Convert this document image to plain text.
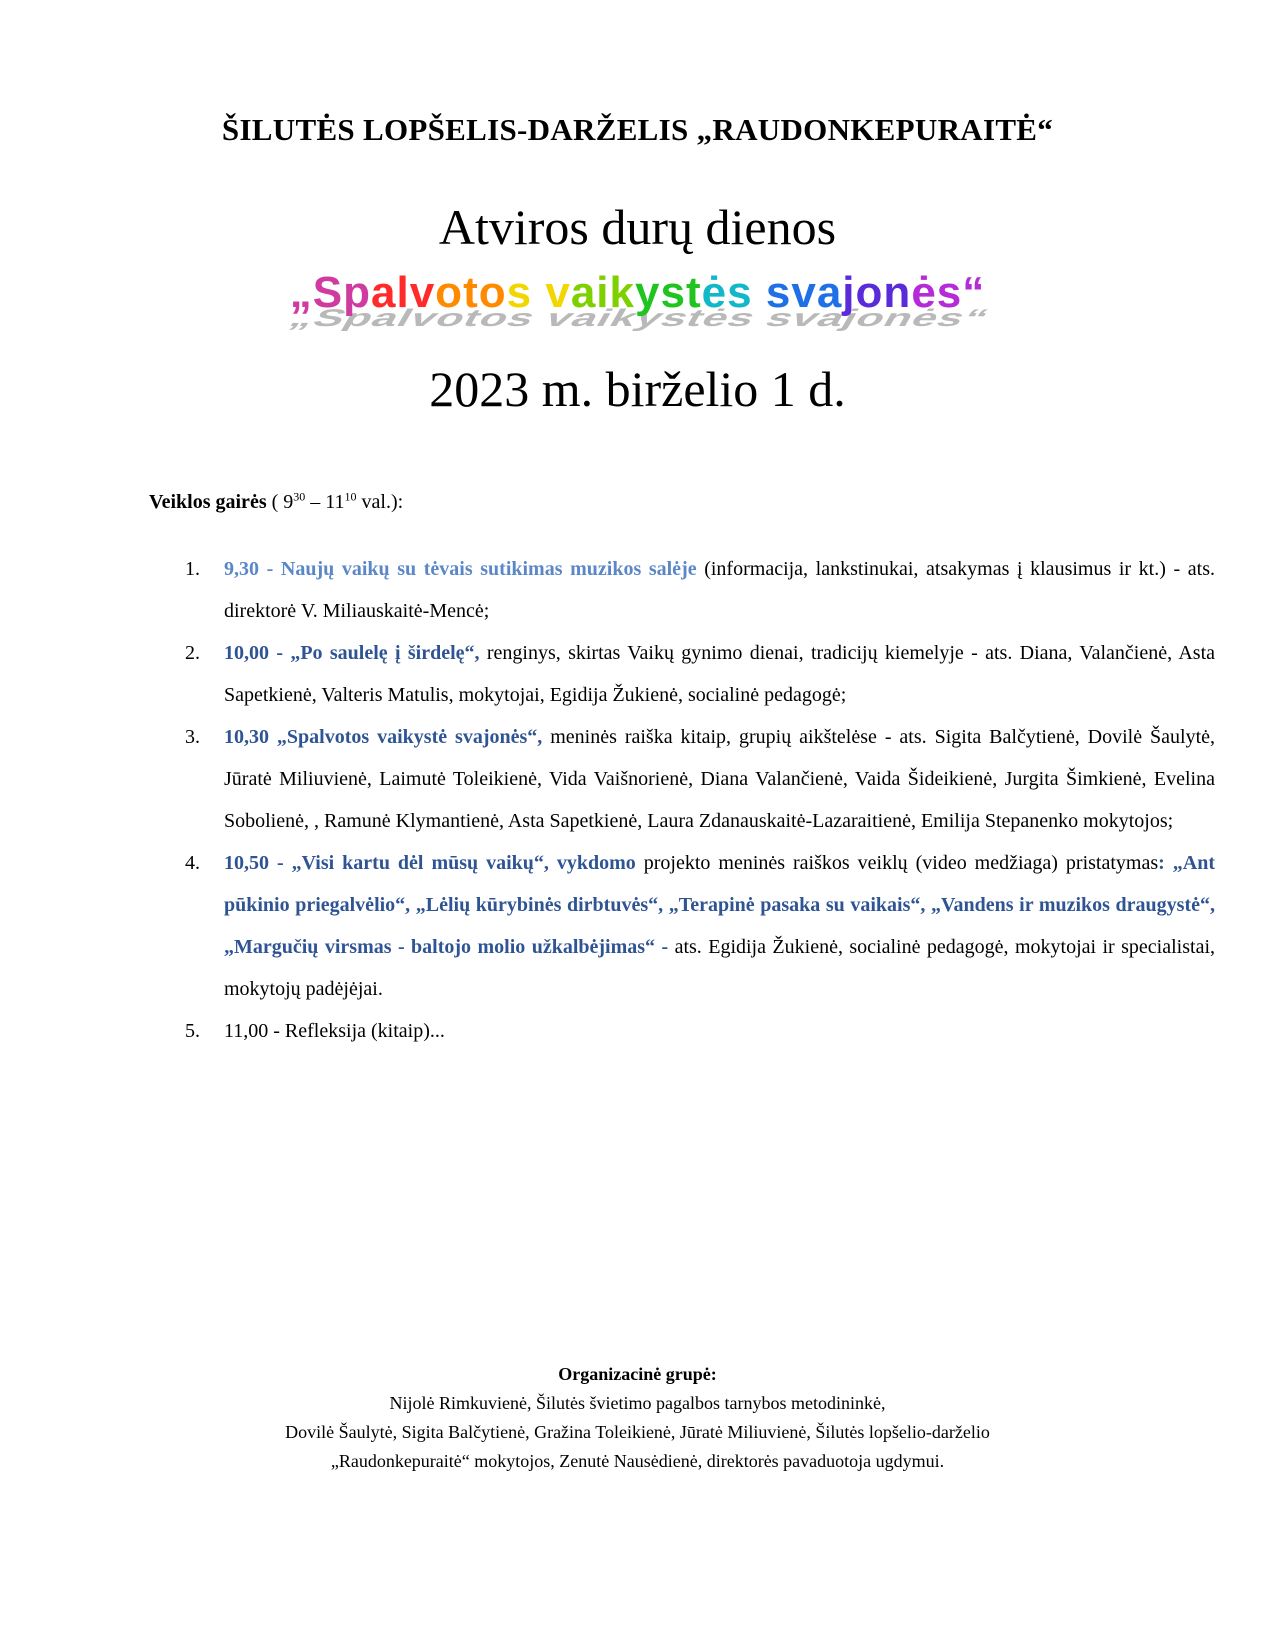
ŠILUTĖS LOPŠELIS-DARŽELIS „RAUDONKEPURAITĖ“
Atviros durų dienos
„Spalvotos vaikystės svajonės“
„Spalvotos vaikystės svajonės“
2023 m. birželio 1 d.
Veiklos gairės ( $9^{30} - 11^{10}$ val.):
1. 9,30 - Naujų vaikų su tėvais sutikimas muzikos salėje (informacija, lankstinukai, atsakymas į klausimus ir kt.) - ats. direktorė V. Miliauskaitė-Mencė;
2. 10,00 - „Po saulelę į širdelę“, renginys, skirtas Vaikų gynimo dienai, tradicijų kiemelyje - ats. Diana, Valančienė, Asta Sapetkienė, Valteris Matulis, mokytojai, Egidija Žukienė, socialinė pedagogė;
3. 10,30 „Spalvotos vaikystė svajonės“, meninės raiška kitaip, grupių aikštelėse - ats. Sigita Balčytienė, Dovilė Šaulytė, Jūratė Miliuvienė, Laimutė Toleikienė, Vida Vaišnorienė, Diana Valančienė, Vaida Šideikienė, Jurgita Šimkienė, Evelina Sobolienė, , Ramunė Klymantienė, Asta Sapetkienė, Laura Zdanauskaitė-Lazaraitienė, Emilija Stepanenko mokytojos;
4. 10,50 - „Visi kartu dėl mūsų vaikų“, vykdomo projekto meninės raiškos veiklų (video medžiaga) pristatymas: „Ant pūkinio priegalvėlio“, „Lėlių kūrybinės dirbtuvės“, „Terapinė pasaka su vaikais“, „Vandens ir muzikos draugystė“, „Margučių virsmas - baltojo molio užkalbėjimas“ - ats. Egidija Žukienė, socialinė pedagogė, mokytojai ir specialistai, mokytojų padėjėjai.
5. 11,00 - Refleksija (kitaip)...
Organizacinė grupė:
Nijolė Rimkuvienė, Šilutės švietimo pagalbos tarnybos metodininkė,
Dovilė Šaulytė, Sigita Balčytienė, Gražina Toleikienė, Jūratė Miliuvienė, Šilutės lopšelio-darželio
„Raudonkepuraitė“ mokytojos, Zenutė Nausėdienė, direktorės pavaduotoja ugdymui.
